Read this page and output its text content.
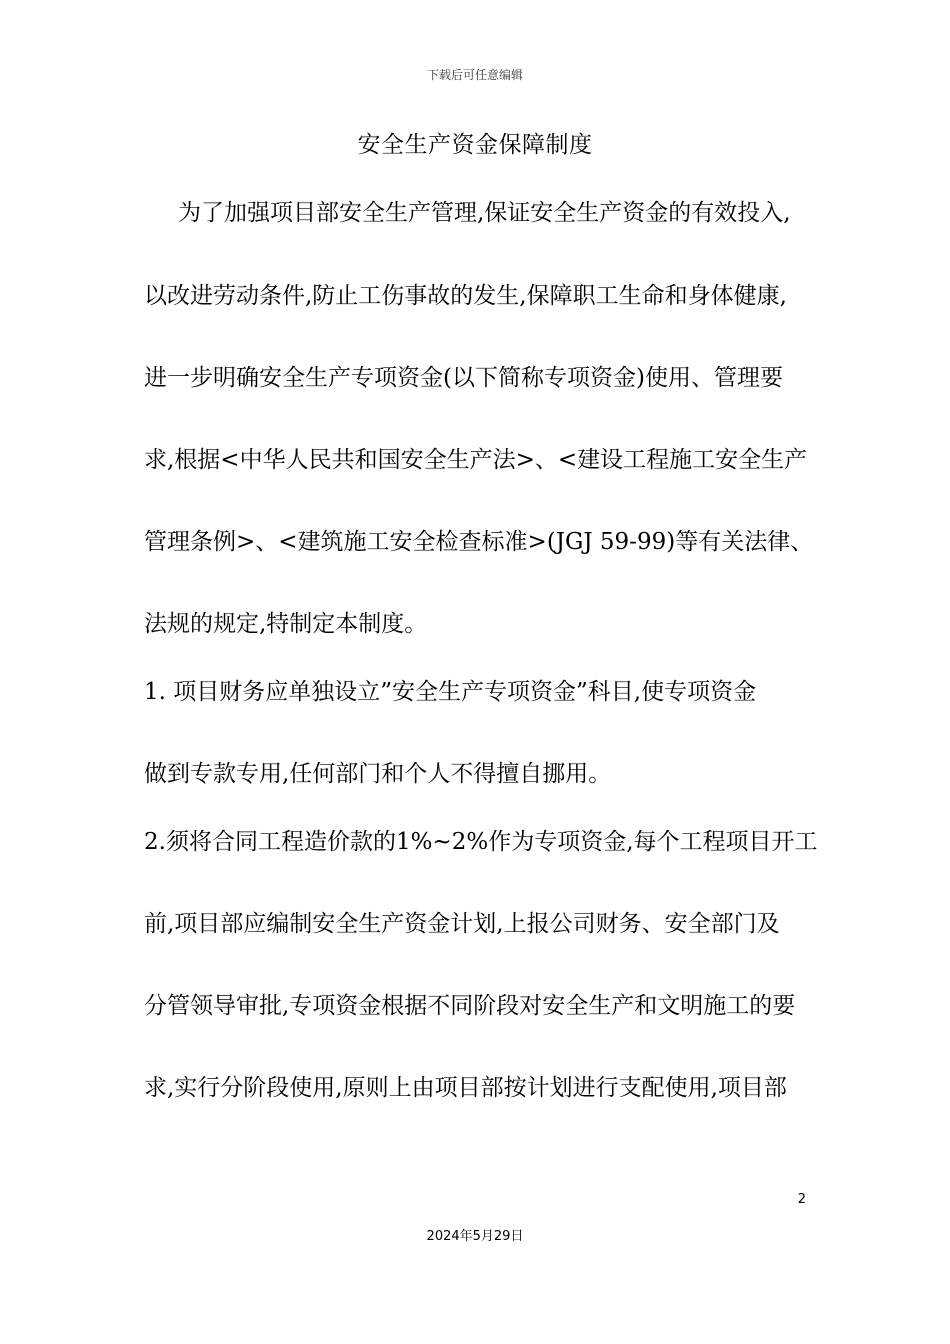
下载后可任意编辑
安全生产资金保障制度
为了加强项目部安全生产管理,保证安全生产资金的有效投入,
以改进劳动条件,防止工伤事故的发生,保障职工生命和身体健康,
进一步明确安全生产专项资金(以下简称专项资金)使用、管理要
求,根据<中华人民共和国安全生产法>、<建设工程施工安全生产
管理条例>、<建筑施工安全检查标准>(JGJ 59-99)等有关法律、
法规的规定,特制定本制度。
1. 项目财务应单独设立”安全生产专项资金”科目,使专项资金
做到专款专用,任何部门和个人不得擅自挪用。
2.须将合同工程造价款的1%~2%作为专项资金,每个工程项目开工
前,项目部应编制安全生产资金计划,上报公司财务、安全部门及
分管领导审批,专项资金根据不同阶段对安全生产和文明施工的要
求,实行分阶段使用,原则上由项目部按计划进行支配使用,项目部
2
2024年5月29日
